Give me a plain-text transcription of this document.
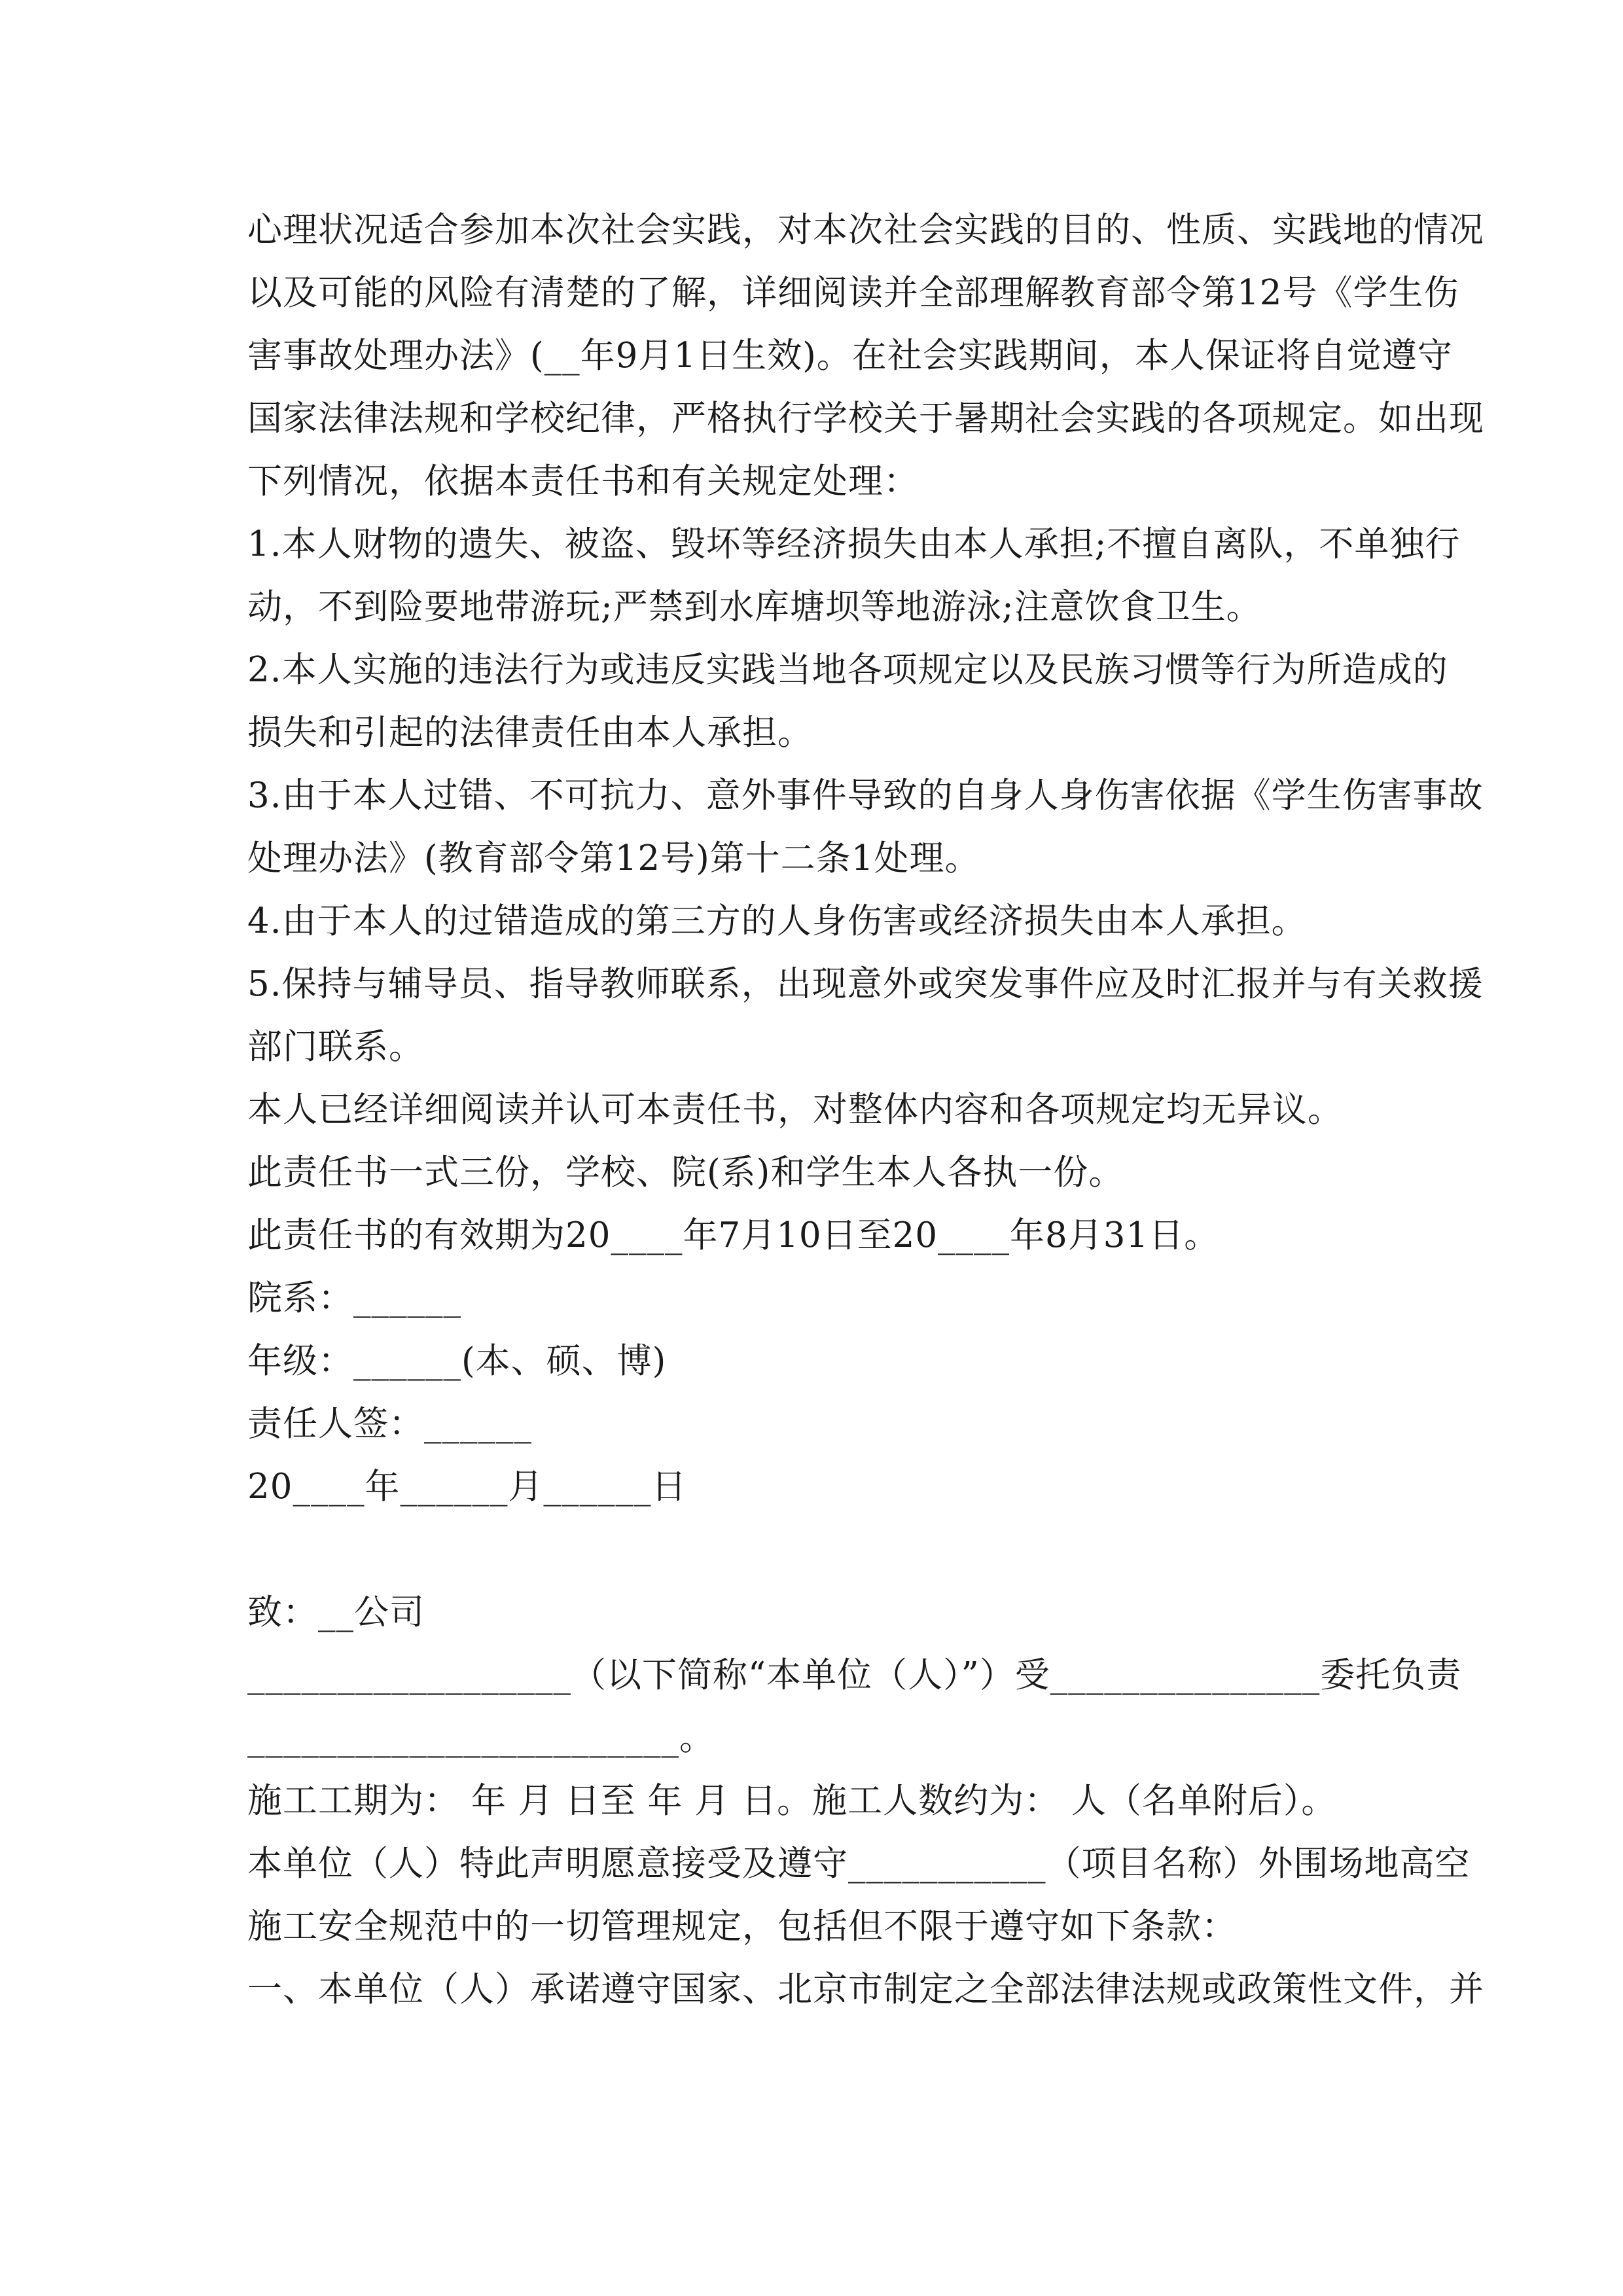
心理状况适合参加本次社会实践，对本次社会实践的目的、性质、实践地的情况
以及可能的风险有清楚的了解，详细阅读并全部理解教育部令第12号《学生伤
害事故处理办法》(__年9月1日生效)。在社会实践期间，本人保证将自觉遵守
国家法律法规和学校纪律，严格执行学校关于暑期社会实践的各项规定。如出现
下列情况，依据本责任书和有关规定处理：
1.本人财物的遗失、被盗、毁坏等经济损失由本人承担;不擅自离队，不单独行
动，不到险要地带游玩;严禁到水库塘坝等地游泳;注意饮食卫生。
2.本人实施的违法行为或违反实践当地各项规定以及民族习惯等行为所造成的
损失和引起的法律责任由本人承担。
3.由于本人过错、不可抗力、意外事件导致的自身人身伤害依据《学生伤害事故
处理办法》(教育部令第12号)第十二条1处理。
4.由于本人的过错造成的第三方的人身伤害或经济损失由本人承担。
5.保持与辅导员、指导教师联系，出现意外或突发事件应及时汇报并与有关救援
部门联系。
本人已经详细阅读并认可本责任书，对整体内容和各项规定均无异议。
此责任书一式三份，学校、院(系)和学生本人各执一份。
此责任书的有效期为20____年7月10日至20____年8月31日。
院系：______
年级：______(本、硕、博)
责任人签：______
20____年______月______日
致：__公司
__________________（以下简称“本单位（人）”）受_______________委托负责
________________________。
施工工期为： 年 月 日至 年 月 日。施工人数约为： 人（名单附后）。
本单位（人）特此声明愿意接受及遵守___________（项目名称）外围场地高空
施工安全规范中的一切管理规定，包括但不限于遵守如下条款：
一、本单位（人）承诺遵守国家、北京市制定之全部法律法规或政策性文件，并
